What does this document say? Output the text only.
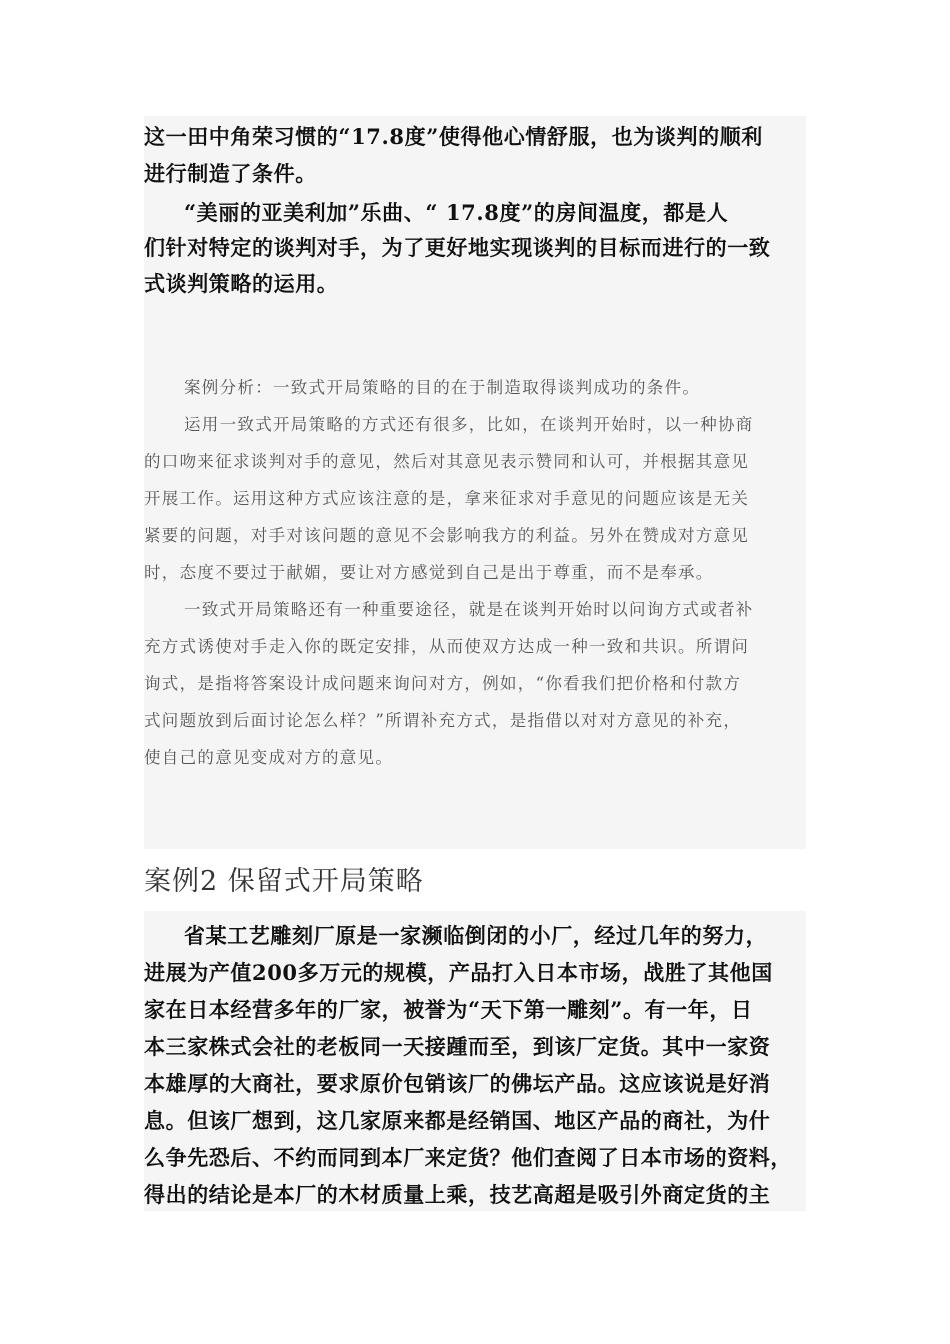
这一田中角荣习惯的“17.8度”使得他心情舒服，也为谈判的顺利
进行制造了条件。
“美丽的亚美利加”乐曲、“ 17.8度”的房间温度，都是人
们针对特定的谈判对手，为了更好地实现谈判的目标而进行的一致
式谈判策略的运用。
案例分析：一致式开局策略的目的在于制造取得谈判成功的条件。
运用一致式开局策略的方式还有很多，比如，在谈判开始时，以一种协商
的口吻来征求谈判对手的意见，然后对其意见表示赞同和认可，并根据其意见
开展工作。运用这种方式应该注意的是，拿来征求对手意见的问题应该是无关
紧要的问题，对手对该问题的意见不会影响我方的利益。另外在赞成对方意见
时，态度不要过于献媚，要让对方感觉到自己是出于尊重，而不是奉承。
一致式开局策略还有一种重要途径，就是在谈判开始时以问询方式或者补
充方式诱使对手走入你的既定安排，从而使双方达成一种一致和共识。所谓问
询式，是指将答案设计成问题来询问对方，例如，“你看我们把价格和付款方
式问题放到后面讨论怎么样？”所谓补充方式，是指借以对对方意见的补充，
使自己的意见变成对方的意见。
案例2 保留式开局策略
省某工艺雕刻厂原是一家濒临倒闭的小厂，经过几年的努力，
进展为产值200多万元的规模，产品打入日本市场，战胜了其他国
家在日本经营多年的厂家，被誉为“天下第一雕刻”。有一年，日
本三家株式会社的老板同一天接踵而至，到该厂定货。其中一家资
本雄厚的大商社，要求原价包销该厂的佛坛产品。这应该说是好消
息。但该厂想到，这几家原来都是经销国、地区产品的商社，为什
么争先恐后、不约而同到本厂来定货？他们查阅了日本市场的资料，
得出的结论是本厂的木材质量上乘，技艺高超是吸引外商定货的主
